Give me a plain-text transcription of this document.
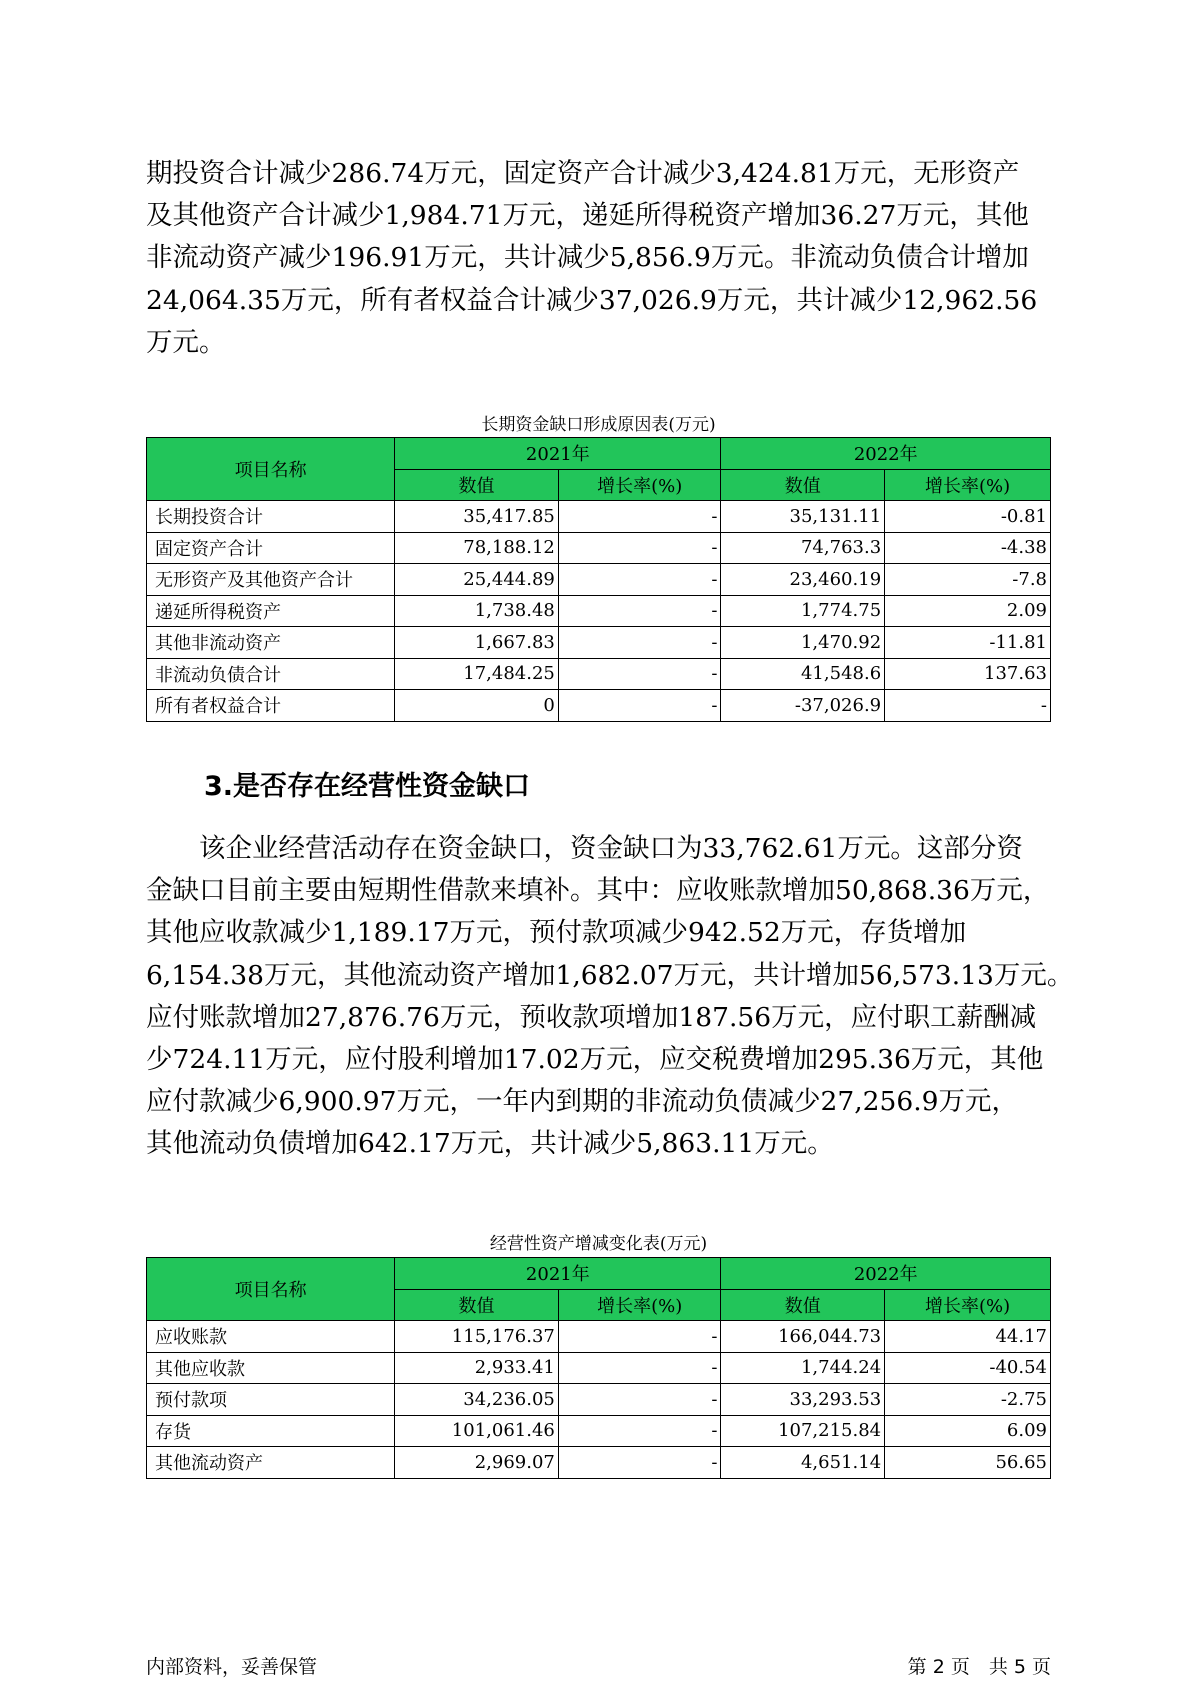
期投资合计减少286.74万元，固定资产合计减少3,424.81万元，无形资产
及其他资产合计减少1,984.71万元，递延所得税资产增加36.27万元，其他
非流动资产减少196.91万元，共计减少5,856.9万元。非流动负债合计增加
24,064.35万元，所有者权益合计减少37,026.9万元，共计减少12,962.56
万元。
长期资金缺口形成原因表(万元)
项目名称	2021年		2022年	
	数值	增长率(%)	数值	增长率(%)
长期投资合计	35,417.85	-	35,131.11	-0.81
固定资产合计	78,188.12	-	74,763.3	-4.38
无形资产及其他资产合计	25,444.89	-	23,460.19	-7.8
递延所得税资产	1,738.48	-	1,774.75	2.09
其他非流动资产	1,667.83	-	1,470.92	-11.81
非流动负债合计	17,484.25	-	41,548.6	137.63
所有者权益合计	0	-	-37,026.9	-
3.是否存在经营性资金缺口
　　该企业经营活动存在资金缺口，资金缺口为33,762.61万元。这部分资
金缺口目前主要由短期性借款来填补。其中：应收账款增加50,868.36万元，
其他应收款减少1,189.17万元，预付款项减少942.52万元，存货增加
6,154.38万元，其他流动资产增加1,682.07万元，共计增加56,573.13万元。
应付账款增加27,876.76万元，预收款项增加187.56万元，应付职工薪酬减
少724.11万元，应付股利增加17.02万元，应交税费增加295.36万元，其他
应付款减少6,900.97万元，一年内到期的非流动负债减少27,256.9万元，
其他流动负债增加642.17万元，共计减少5,863.11万元。
经营性资产增减变化表(万元)
项目名称	2021年		2022年	
	数值	增长率(%)	数值	增长率(%)
应收账款	115,176.37	-	166,044.73	44.17
其他应收款	2,933.41	-	1,744.24	-40.54
预付款项	34,236.05	-	33,293.53	-2.75
存货	101,061.46	-	107,215.84	6.09
其他流动资产	2,969.07	-	4,651.14	56.65
内部资料，妥善保管	第 2 页　共 5 页
